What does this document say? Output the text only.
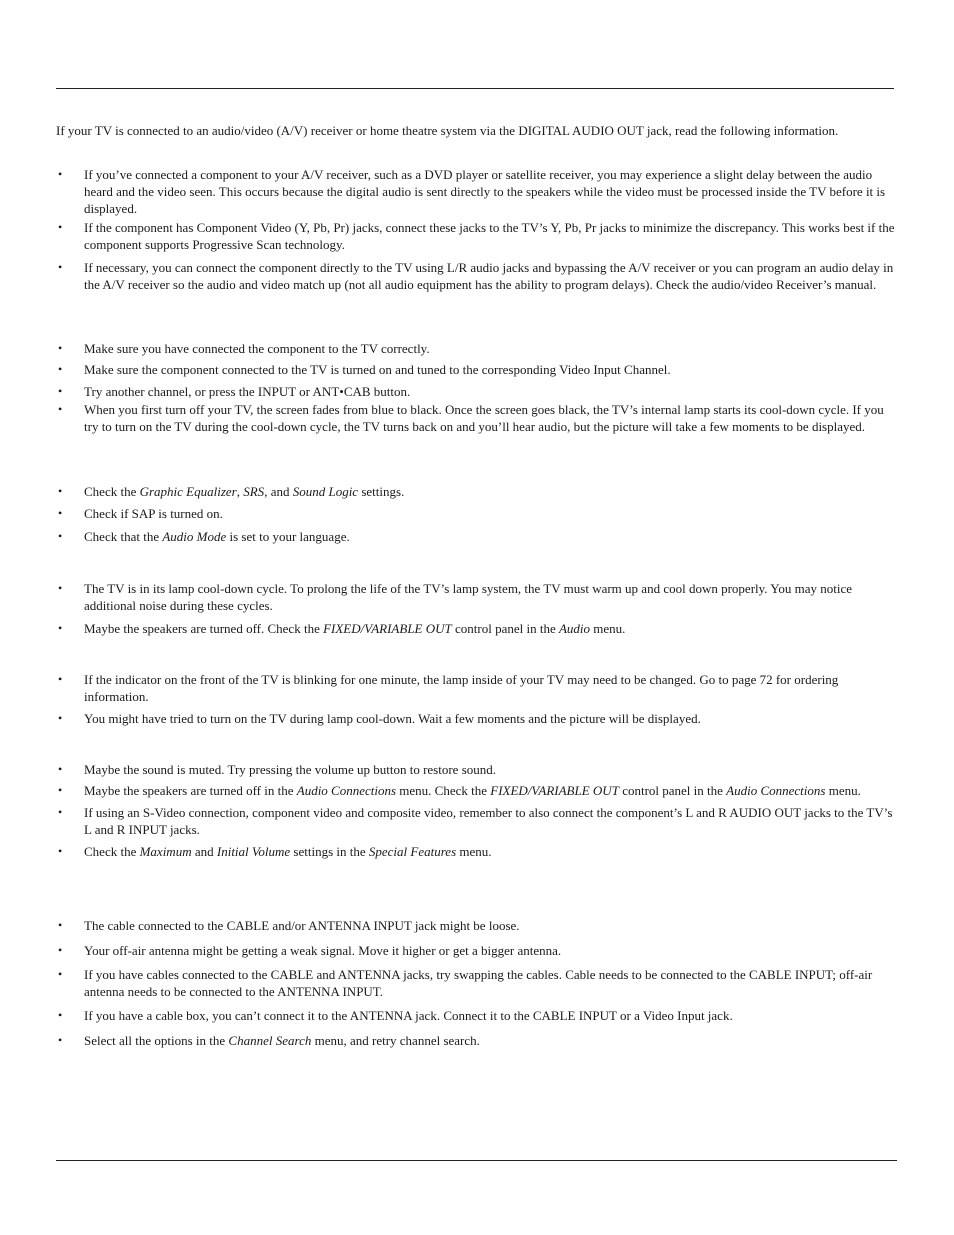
If your TV is connected to an audio/video (A/V) receiver or home theatre system via the DIGITAL AUDIO OUT jack, read the following information.

• If you’ve connected a component to your A/V receiver, such as a DVD player or satellite receiver, you may experience a slight delay between the audio heard and the video seen. This occurs because the digital audio is sent directly to the speakers while the video must be processed inside the TV before it is displayed.
• If the component has Component Video (Y, Pb, Pr) jacks, connect these jacks to the TV’s Y, Pb, Pr jacks to minimize the discrepancy. This works best if the component supports Progressive Scan technology.
• If necessary, you can connect the component directly to the TV using L/R audio jacks and bypassing the A/V receiver or you can program an audio delay in the A/V receiver so the audio and video match up (not all audio equipment has the ability to program delays). Check the audio/video Receiver’s manual.
• Make sure you have connected the component to the TV correctly.
• Make sure the component connected to the TV is turned on and tuned to the corresponding Video Input Channel.
• Try another channel, or press the INPUT or ANT•CAB button.
• When you first turn off your TV, the screen fades from blue to black. Once the screen goes black, the TV’s internal lamp starts its cool-down cycle. If you try to turn on the TV during the cool-down cycle, the TV turns back on and you’ll hear audio, but the picture will take a few moments to be displayed.
• Check the Graphic Equalizer, SRS, and Sound Logic settings.
• Check if SAP is turned on.
• Check that the Audio Mode is set to your language.
• The TV is in its lamp cool-down cycle. To prolong the life of the TV’s lamp system, the TV must warm up and cool down properly. You may notice additional noise during these cycles.
• Maybe the speakers are turned off. Check the FIXED/VARIABLE OUT control panel in the Audio menu.
• If the indicator on the front of the TV is blinking for one minute, the lamp inside of your TV may need to be changed. Go to page 72 for ordering information.
• You might have tried to turn on the TV during lamp cool-down. Wait a few moments and the picture will be displayed.
• Maybe the sound is muted. Try pressing the volume up button to restore sound.
• Maybe the speakers are turned off in the Audio Connections menu. Check the FIXED/VARIABLE OUT control panel in the Audio Connections menu.
• If using an S-Video connection, component video and composite video, remember to also connect the component’s L and R AUDIO OUT jacks to the TV’s L and R INPUT jacks.
• Check the Maximum and Initial Volume settings in the Special Features menu.
• The cable connected to the CABLE and/or ANTENNA INPUT jack might be loose.
• Your off-air antenna might be getting a weak signal. Move it higher or get a bigger antenna.
• If you have cables connected to the CABLE and ANTENNA jacks, try swapping the cables. Cable needs to be connected to the CABLE INPUT; off-air antenna needs to be connected to the ANTENNA INPUT.
• If you have a cable box, you can’t connect it to the ANTENNA jack. Connect it to the CABLE INPUT or a Video Input jack.
• Select all the options in the Channel Search menu, and retry channel search.
